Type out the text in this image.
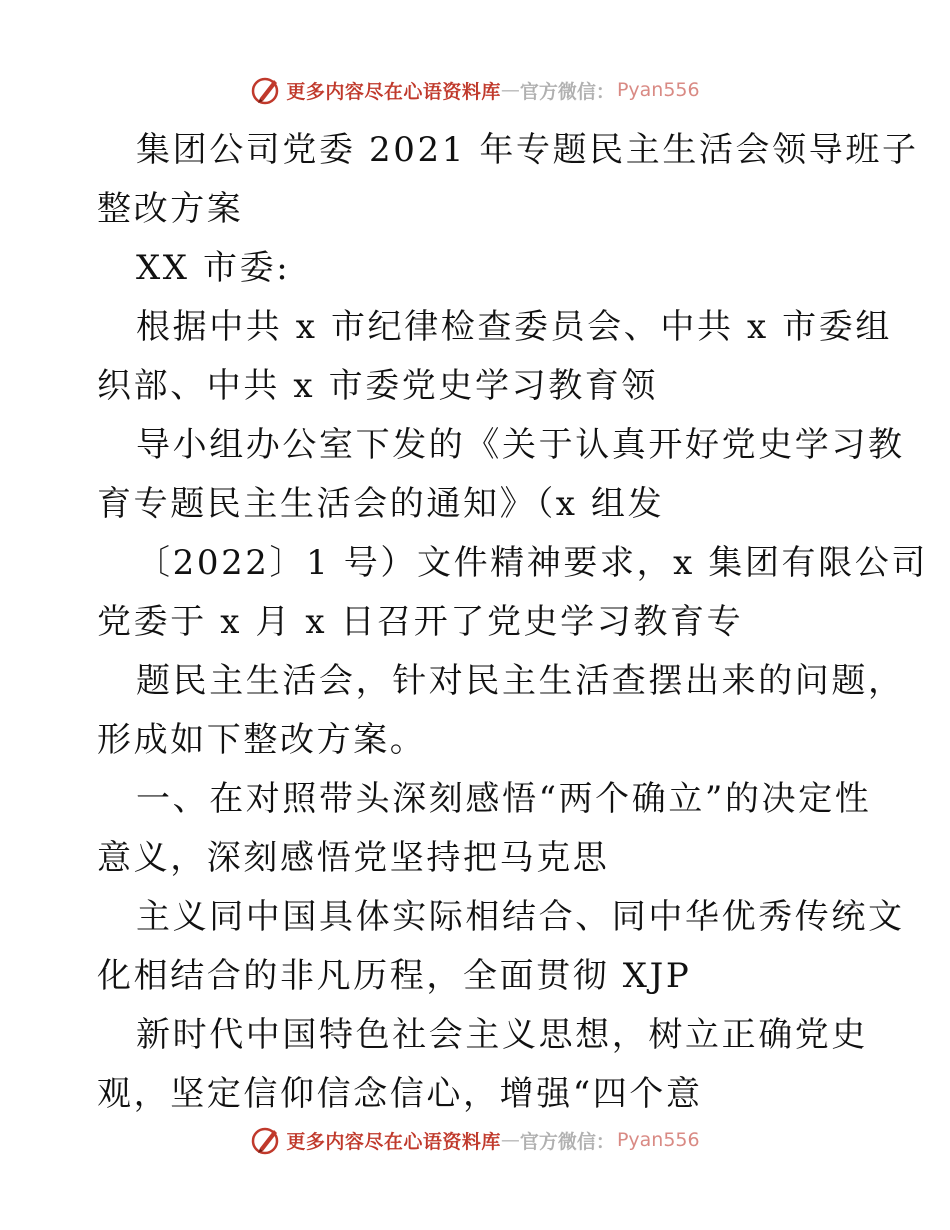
更多内容尽在心语资料库 — 官方微信： Pyan556
集团公司党委 2021 年专题民主生活会领导班子
整改方案
XX 市委:
根据中共 x 市纪律检查委员会、中共 x 市委组
织部、中共 x 市委党史学习教育领
导小组办公室下发的《关于认真开好党史学习教
育专题民主生活会的通知》（x 组发
〔2022〕1 号）文件精神要求，x 集团有限公司
党委于 x 月 x 日召开了党史学习教育专
题民主生活会，针对民主生活查摆出来的问题，
形成如下整改方案。
一、在对照带头深刻感悟“两个确立”的决定性
意义，深刻感悟党坚持把马克思
主义同中国具体实际相结合、同中华优秀传统文
化相结合的非凡历程，全面贯彻 XJP
新时代中国特色社会主义思想，树立正确党史
观，坚定信仰信念信心，增强“四个意
更多内容尽在心语资料库 — 官方微信： Pyan556
